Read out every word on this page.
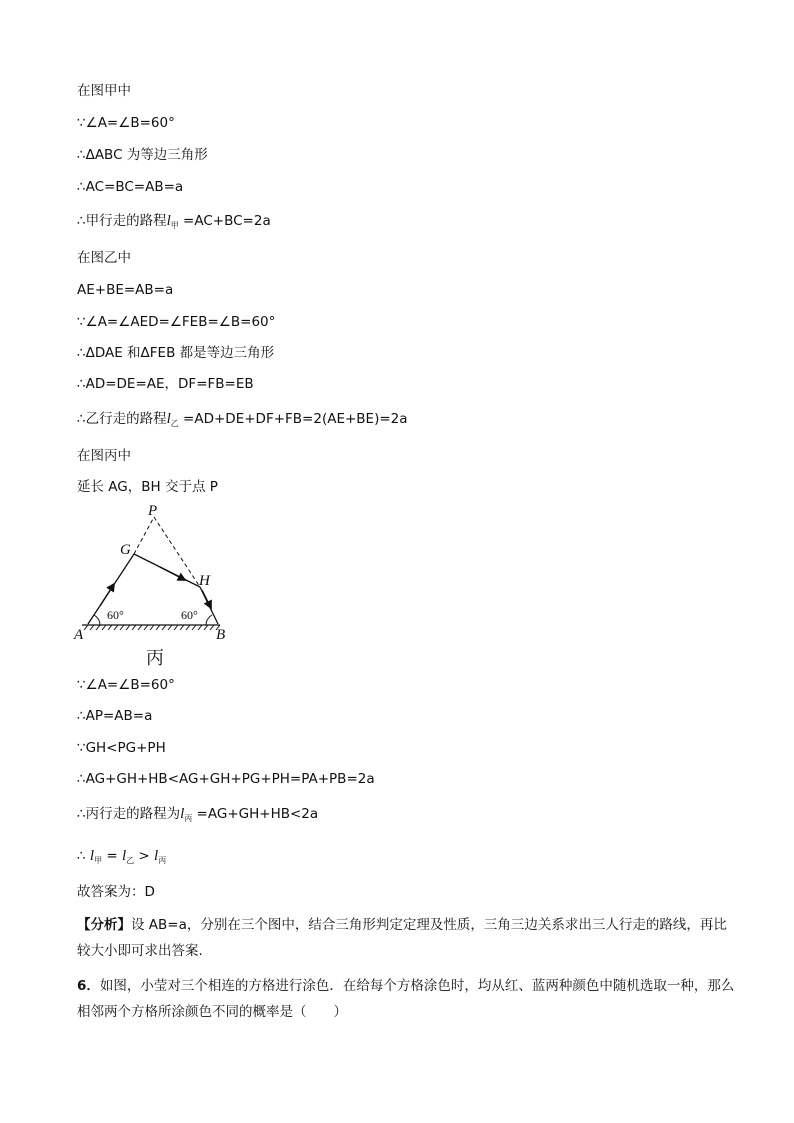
在图甲中
∵∠A=∠B=60°
∴ΔABC 为等边三角形
∴AC=BC=AB=a
∴甲行走的路程$l_甲 =AC+BC=2a$
在图乙中
AE+BE=AB=a
∵∠A=∠AED=∠FEB=∠B=60°
∴ΔDAE 和ΔFEB 都是等边三角形
∴AD=DE=AE，DF=FB=EB
∴乙行走的路程$l_乙 =AD+DE+DF+FB=2(AE+BE)=2a$
在图丙中
延长 AG，BH 交于点 P
P
G
H
A	B
60°	60°
丙
∵∠A=∠B=60°
∴AP=AB=a
∵GH<PG+PH
∴AG+GH+HB<AG+GH+PG+PH=PA+PB=2a
∴丙行走的路程为$l_丙 =AG+GH+HB<2a$
∴ $l_甲 = l_乙 > l_丙$
故答案为：D
【分析】设 AB=a，分别在三个图中，结合三角形判定定理及性质，三角三边关系求出三人行走的路线，再比较大小即可求出答案.
6．如图，小莹对三个相连的方格进行涂色．在给每个方格涂色时，均从红、蓝两种颜色中随机选取一种，那么相邻两个方格所涂颜色不同的概率是（　　）
